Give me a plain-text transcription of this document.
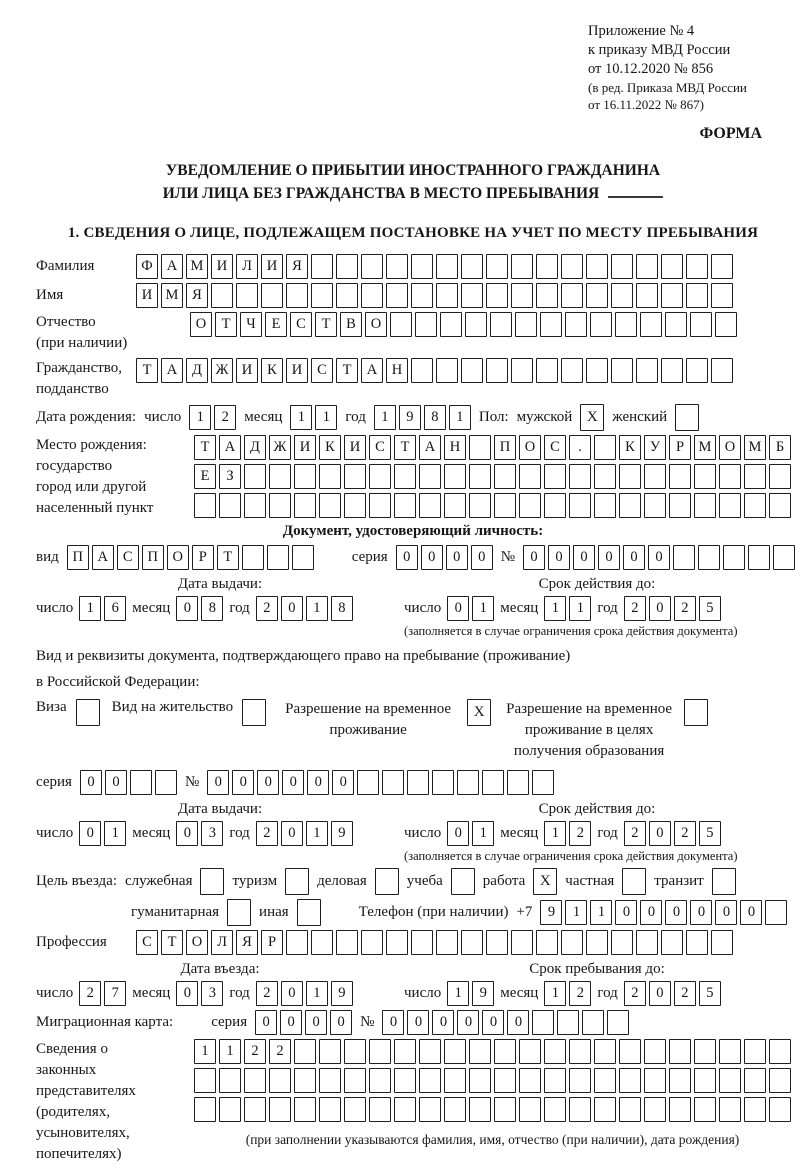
Приложение № 4
к приказу МВД России
от 10.12.2020 № 856
(в ред. Приказа МВД России
от 16.11.2022 № 867)
ФОРМА
УВЕДОМЛЕНИЕ О ПРИБЫТИИ ИНОСТРАННОГО ГРАЖДАНИНА
ИЛИ ЛИЦА БЕЗ ГРАЖДАНСТВА В МЕСТО ПРЕБЫВАНИЯ
1. СВЕДЕНИЯ О ЛИЦЕ, ПОДЛЕЖАЩЕМ ПОСТАНОВКЕ НА УЧЕТ ПО МЕСТУ ПРЕБЫВАНИЯ
Фамилия	Ф А М И	Л	И	Я
Имя	И М Я
Отчество
(при наличии)
О	Т	Ч	Е	С	Т	В	О
Гражданство,
подданство
Т	А	Д Ж И	К	И	С	Т	А	Н
Дата рождения: число	1	2	месяц	1	1	год	1	9	8	1	Пол: мужской X женский
Место рождения:
государство
город или другой
населенный пункт
Т	А	Д Ж И	К	И	С	Т	А	Н	П	О	С	.	К	У	Р	М О М Б
Е	З
Документ, удостоверяющий личность:
вид П	А	С	П	О	Р	Т	серия	0	0	0	0	№	0	0	0	0	0	0
Дата выдачи:
число 1	6 месяц 0	8 год 2	0	1	8
Срок действия до:
число 0	1 месяц 1	1 год 2	0	2	5
(заполняется в случае ограничения срока действия документа)
Вид и реквизиты документа, подтверждающего право на пребывание (проживание)
в Российской Федерации:
Виза	Вид на жительство	Разрешение на временное проживание
X	Разрешение на временное проживание в целях получения образования
серия	0	0	№	0	0	0	0	0	0
Дата выдачи:
число 0	1 месяц 0	3 год 2	0	1	9
Срок действия до:
число 0	1 месяц 1	2 год 2	0	2	5
(заполняется в случае ограничения срока действия документа)
Цель въезда: служебная	туризм	деловая	учеба	работа X частная	транзит
гуманитарная	иная	Телефон (при наличии) +7	9	1	1	0	0	0	0	0	0
Профессия	С	Т	О	Л	Я	Р
Дата въезда:
число 2	7 месяц 0	3 год 2	0	1	9
Срок пребывания до:
число 1	9 месяц 1	2 год 2	0	2	5
Миграционная карта:	серия	0	0	0	0	№	0	0	0	0	0	0
Сведения о
законных
представителях
(родителях,
усыновителях,
попечителях)
1	1	2	2
(при заполнении указываются фамилия, имя, отчество (при наличии), дата рождения)
